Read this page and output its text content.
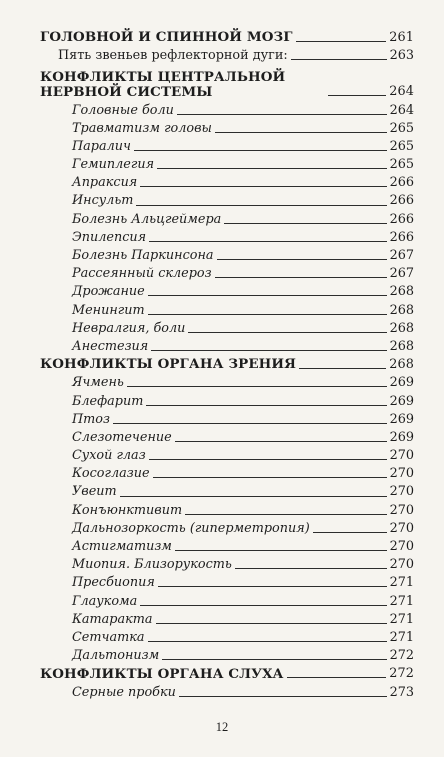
ГОЛОВНОЙ И СПИННОЙ МОЗГ	261
Пять звеньев рефлекторной дуги:	263
КОНФЛИКТЫ ЦЕНТРАЛЬНОЙ НЕРВНОЙ СИСТЕМЫ	264
Головные боли	264
Травматизм головы	265
Паралич	265
Гемиплегия	265
Апраксия	266
Инсульт	266
Болезнь Альцгеймера	266
Эпилепсия	266
Болезнь Паркинсона	267
Рассеянный склероз	267
Дрожание	268
Менингит	268
Невралгия, боли	268
Анестезия	268
КОНФЛИКТЫ ОРГАНА ЗРЕНИЯ	268
Ячмень	269
Блефарит	269
Птоз	269
Слезотечение	269
Сухой глаз	270
Косоглазие	270
Увеит	270
Конъюнктивит	270
Дальнозоркость (гиперметропия)	270
Астигматизм	270
Миопия. Близорукость	270
Пресбиопия	271
Глаукома	271
Катаракта	271
Сетчатка	271
Дальтонизм	272
КОНФЛИКТЫ ОРГАНА СЛУХА	272
Серные пробки	273
12
